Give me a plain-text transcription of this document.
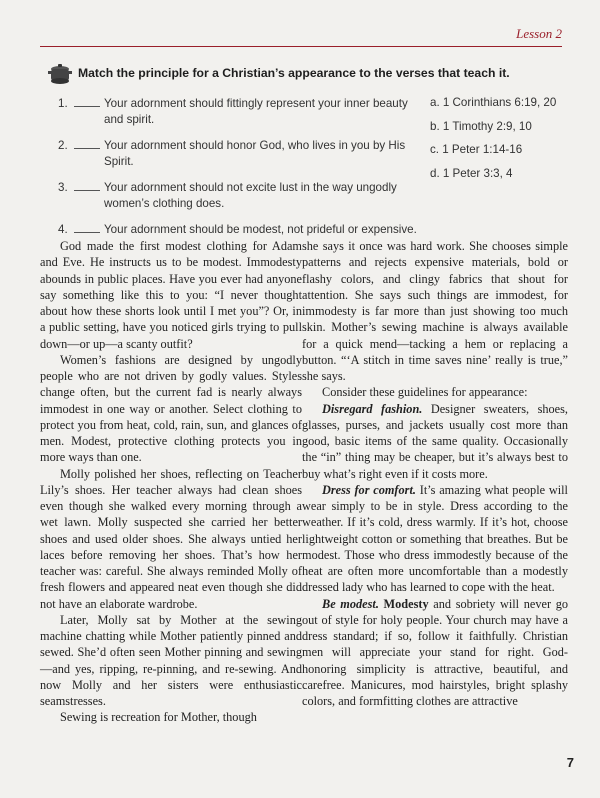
Lesson 2
Match the principle for a Christian’s appearance to the verses that teach it.
1.	Your adornment should fittingly represent your inner beauty and spirit.
2.	Your adornment should honor God, who lives in you by His Spirit.
3.	Your adornment should not excite lust in the way ungodly women’s clothing does.
4.	Your adornment should be modest, not prideful or expensive.
a. 1 Corinthians 6:19, 20
b. 1 Timothy 2:9, 10
c. 1 Peter 1:14-16
d. 1 Peter 3:3, 4

God made the first modest clothing for Adam and Eve. He instructs us to be modest. Immodesty abounds in public places. Have you ever had anyone say something like this to you: “I never thought about how these shorts look until I met you”? Or, in a public setting, have you noticed girls trying to pull down—or up—a scanty outfit?

Women’s fashions are designed by ungodly people who are not driven by godly values. Styles change often, but the current fad is nearly always immodest in one way or another. Select clothing to protect you from heat, cold, rain, sun, and glances of men. Modest, protective clothing protects you in more ways than one.

Molly polished her shoes, reflecting on Teacher Lily’s shoes. Her teacher always had clean shoes even though she walked every morning through a wet lawn. Molly suspected she carried her better shoes and used older shoes. She always untied her laces before removing her shoes. That’s how her teacher was: careful. She always reminded Molly of fresh flowers and appeared neat even though she did not have an elaborate wardrobe.

Later, Molly sat by Mother at the sewing machine chatting while Mother patiently pinned and sewed. She’d often seen Mother pinning and sewing—and yes, ripping, re-pinning, and re-sewing. And now Molly and her sisters were enthusiastic seamstresses.

Sewing is recreation for Mother, though

she says it once was hard work. She chooses simple patterns and rejects expensive materials, bold or flashy colors, and clingy fabrics that shout for attention. She says such things are immodest, for immodesty is far more than just showing too much skin. Mother’s sewing machine is always available for a quick mend—tacking a hem or replacing a button. “‘A stitch in time saves nine’ really is true,” she says.

Consider these guidelines for appearance:

Disregard fashion. Designer sweaters, shoes, glasses, purses, and jackets usually cost more than good, basic items of the same quality. Occasionally the “in” thing may be cheaper, but it’s always best to buy what’s right even if it costs more.

Dress for comfort. It’s amazing what people will wear simply to be in style. Dress according to the weather. If it’s cold, dress warmly. If it’s hot, choose lightweight cotton or something that breathes. But be modest. Those who dress immodestly because of the heat are often more uncomfortable than a modestly dressed lady who has learned to cope with the heat.

Be modest. Modesty and sobriety will never go out of style for holy people. Your church may have a dress standard; if so, follow it faithfully. Christian men will appreciate your stand for right. God-honoring simplicity is attractive, beautiful, and carefree. Manicures, mod hairstyles, bright splashy colors, and formfitting clothes are attractive

7
